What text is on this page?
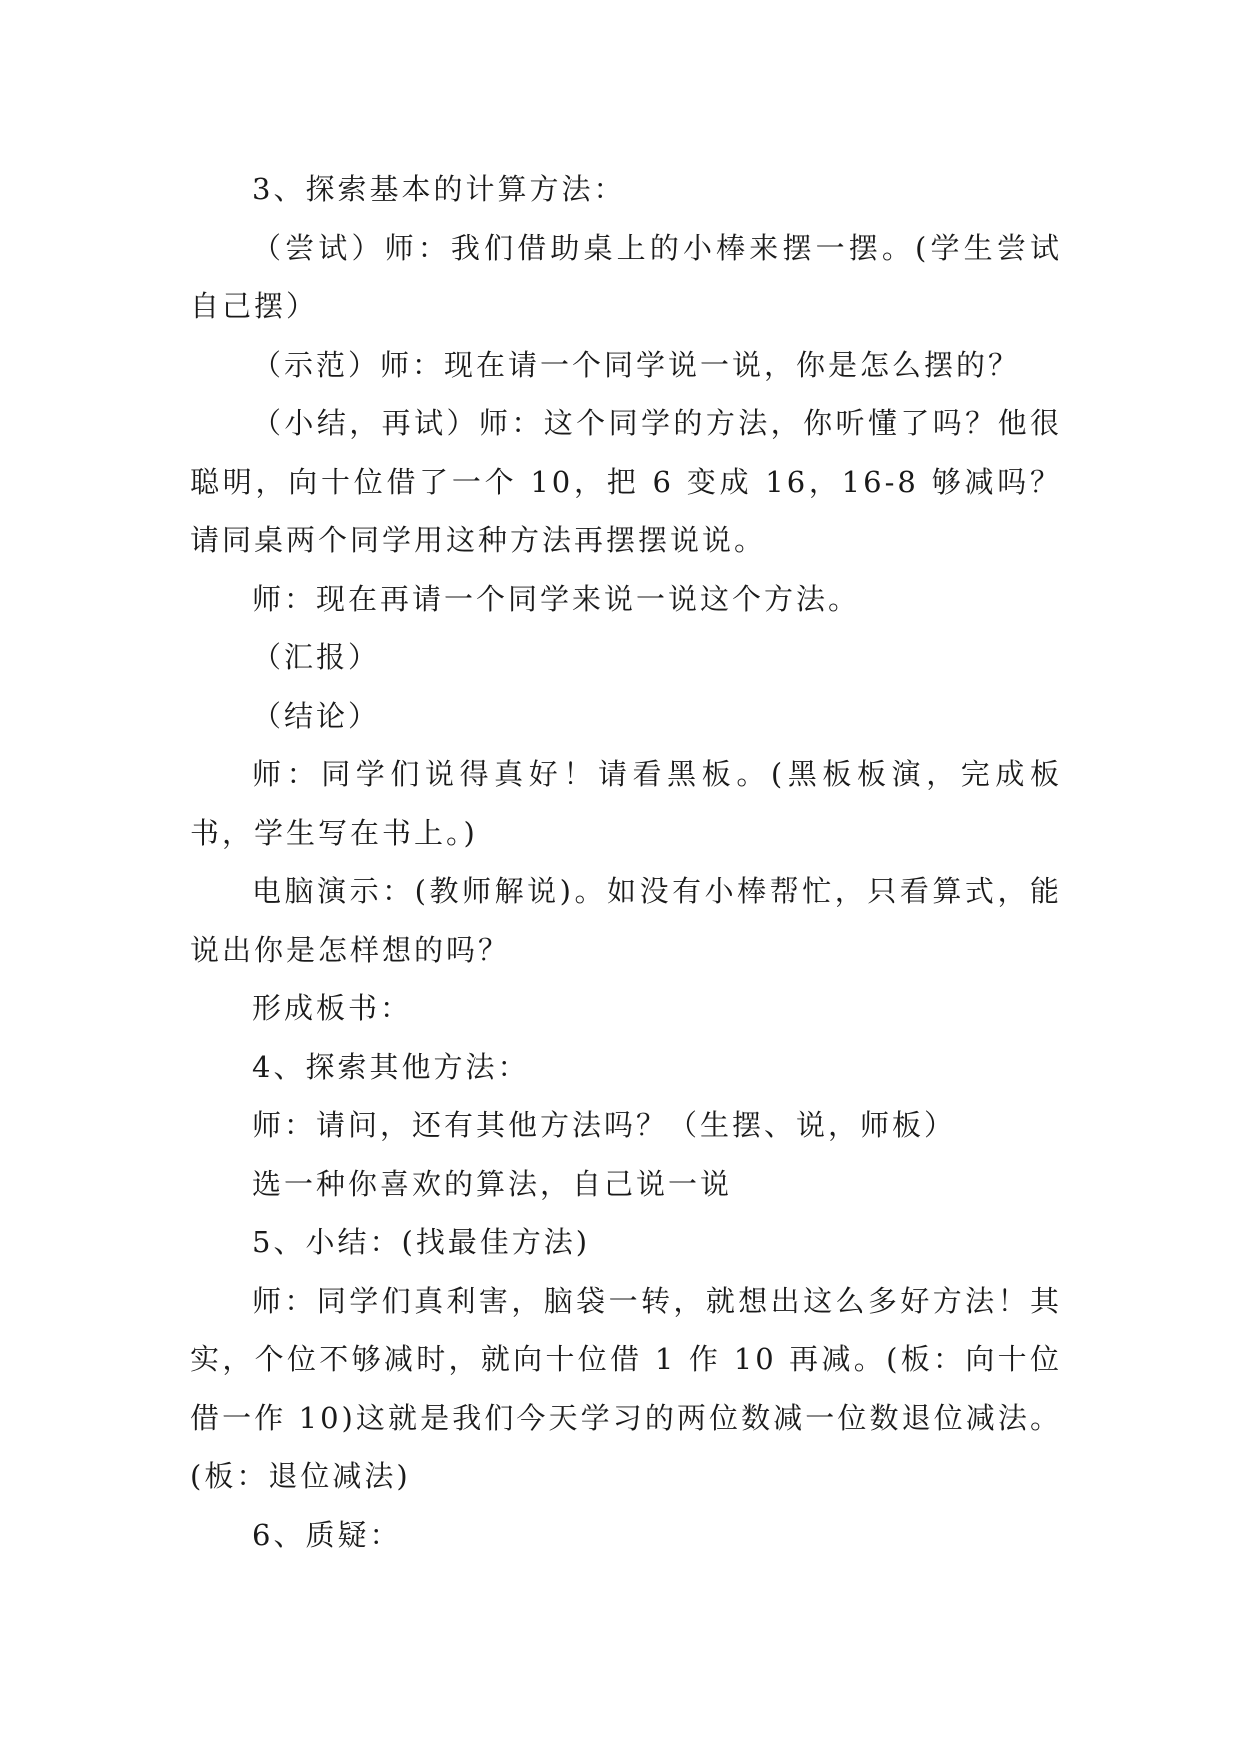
3、探索基本的计算方法：

（尝试）师：我们借助桌上的小棒来摆一摆。(学生尝试自己摆）

（示范）师：现在请一个同学说一说，你是怎么摆的？

（小结，再试）师：这个同学的方法，你听懂了吗？他很聪明，向十位借了一个 10，把 6 变成 16，16-8 够减吗？请同桌两个同学用这种方法再摆摆说说。

师：现在再请一个同学来说一说这个方法。

（汇报）

（结论）

师：同学们说得真好！请看黑板。(黑板板演，完成板书，学生写在书上。)

电脑演示：(教师解说)。如没有小棒帮忙，只看算式，能说出你是怎样想的吗？

形成板书：

4、探索其他方法：

师：请问，还有其他方法吗？（生摆、说，师板）

选一种你喜欢的算法，自己说一说

5、小结：(找最佳方法)

师：同学们真利害，脑袋一转，就想出这么多好方法！其实，个位不够减时，就向十位借 1 作 10 再减。(板：向十位借一作 10)这就是我们今天学习的两位数减一位数退位减法。(板：退位减法)

6、质疑：
